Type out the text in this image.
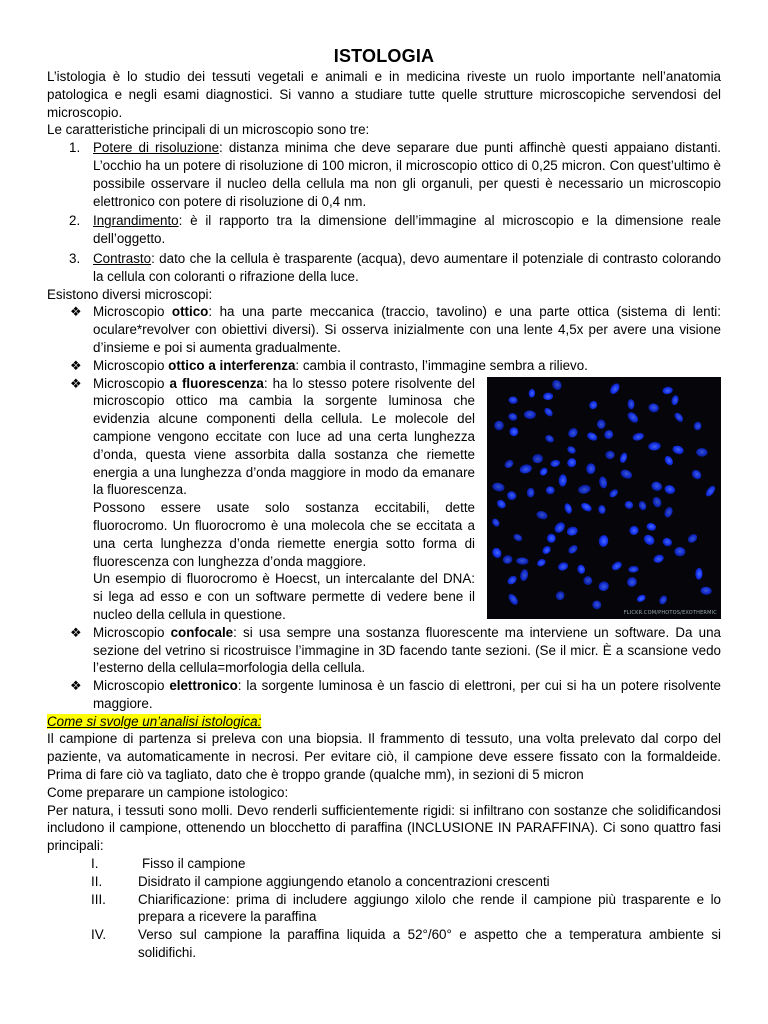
ISTOLOGIA

L’istologia è lo studio dei tessuti vegetali e animali e in medicina riveste un ruolo importante nell’anatomia patologica e negli esami diagnostici. Si vanno a studiare tutte quelle strutture microscopiche servendosi del microscopio.

Le caratteristiche principali di un microscopio sono tre:

1. Potere di risoluzione: distanza minima che deve separare due punti affinchè questi appaiano distanti. L’occhio ha un potere di risoluzione di 100 micron, il microscopio ottico di 0,25 micron. Con quest’ultimo è possibile osservare il nucleo della cellula ma non gli organuli, per questi è necessario un microscopio elettronico con potere di risoluzione di 0,4 nm.
2. Ingrandimento: è il rapporto tra la dimensione dell’immagine al microscopio e la dimensione reale dell’oggetto.
3. Contrasto: dato che la cellula è trasparente (acqua), devo aumentare il potenziale di contrasto colorando la cellula con coloranti o rifrazione della luce.

Esistono diversi microscopi:

❖ Microscopio ottico: ha una parte meccanica (traccio, tavolino) e una parte ottica (sistema di lenti: oculare*revolver con obiettivi diversi). Si osserva inizialmente con una lente 4,5x per avere una visione d’insieme e poi si aumenta gradualmente.
❖ Microscopio ottico a interferenza: cambia il contrasto, l’immagine sembra a rilievo.
❖
FLICKR.COM/PHOTOS/EXOTHERMIC
Microscopio a fluorescenza: ha lo stesso potere risolvente del microscopio ottico ma cambia la sorgente luminosa che evidenzia alcune componenti della cellula. Le molecole del campione vengono eccitate con luce ad una certa lunghezza d’onda, questa viene assorbita dalla sostanza che riemette energia a una lunghezza d’onda maggiore in modo da emanare la fluorescenza.
Possono essere usate solo sostanza eccitabili, dette fluorocromo. Un fluorocromo è una molecola che se eccitata a una certa lunghezza d’onda riemette energia sotto forma di fluorescenza con lunghezza d’onda maggiore.
Un esempio di fluorocromo è Hoecst, un intercalante del DNA: si lega ad esso e con un software permette di vedere bene il nucleo della cellula in questione.
❖ Microscopio confocale: si usa sempre una sostanza fluorescente ma interviene un software. Da una sezione del vetrino si ricostruisce l’immagine in 3D facendo tante sezioni. (Se il micr. È a scansione vedo l’esterno della cellula=morfologia della cellula.
❖ Microscopio elettronico: la sorgente luminosa è un fascio di elettroni, per cui si ha un potere risolvente maggiore.
Come si svolge un’analisi istologica:

Il campione di partenza si preleva con una biopsia. Il frammento di tessuto, una volta prelevato dal corpo del paziente, va automaticamente in necrosi. Per evitare ciò, il campione deve essere fissato con la formaldeide. Prima di fare ciò va tagliato, dato che è troppo grande (qualche mm), in sezioni di 5 micron

Come preparare un campione istologico:

Per natura, i tessuti sono molli. Devo renderli sufficientemente rigidi: si infiltrano con sostanze che solidificandosi includono il campione, ottenendo un blocchetto di paraffina (INCLUSIONE IN PARAFFINA). Ci sono quattro fasi principali:

I.	Fisso il campione
II.	Disidrato il campione aggiungendo etanolo a concentrazioni crescenti
III. Chiarificazione: prima di includere aggiungo xilolo che rende il campione più trasparente e lo prepara a ricevere la paraffina
IV. Verso sul campione la paraffina liquida a 52°/60° e aspetto che a temperatura ambiente si solidifichi.
